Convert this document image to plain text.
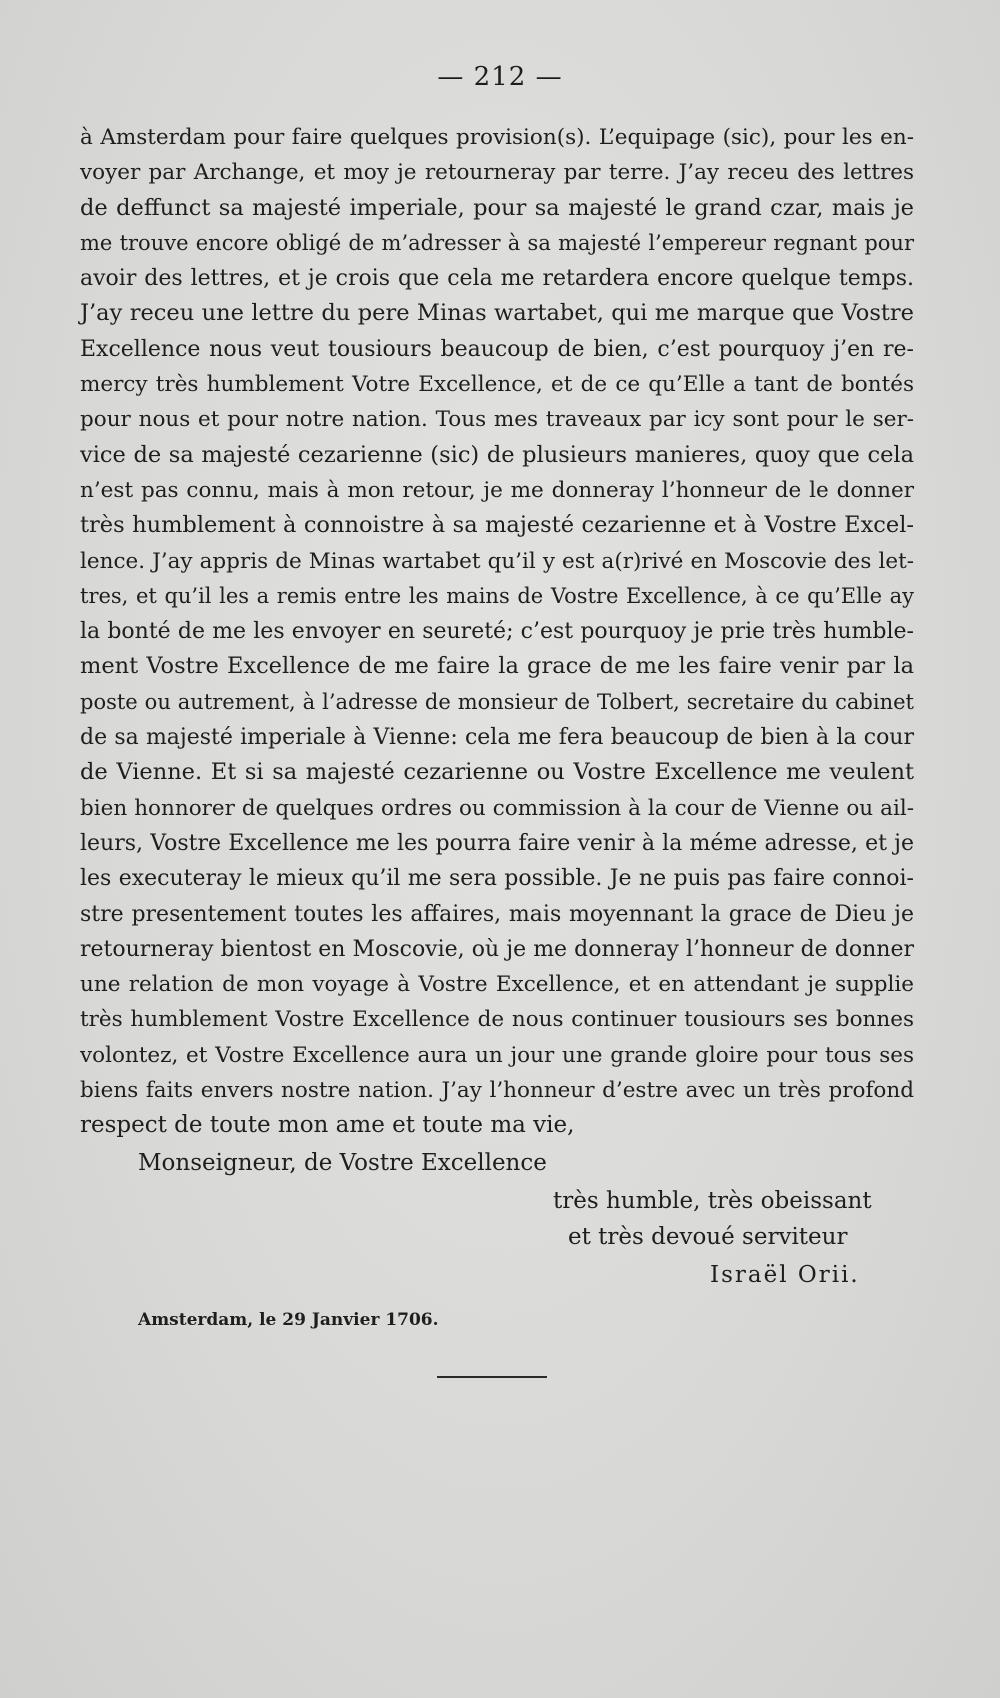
— 212 —
à Amsterdam pour faire quelques provision(s). L’equipage (sic), pour les en-
voyer par Archange, et moy je retourneray par terre. J’ay receu des lettres
de deffunct sa majesté imperiale, pour sa majesté le grand czar, mais je
me trouve encore obligé de m’adresser à sa majesté l’empereur regnant pour
avoir des lettres, et je crois que cela me retardera encore quelque temps.
J’ay receu une lettre du pere Minas wartabet, qui me marque que Vostre
Excellence nous veut tousiours beaucoup de bien, c’est pourquoy j’en re-
mercy très humblement Votre Excellence, et de ce qu’Elle a tant de bontés
pour nous et pour notre nation. Tous mes traveaux par icy sont pour le ser-
vice de sa majesté cezarienne (sic) de plusieurs manieres, quoy que cela
n’est pas connu, mais à mon retour, je me donneray l’honneur de le donner
très humblement à connoistre à sa majesté cezarienne et à Vostre Excel-
lence. J’ay appris de Minas wartabet qu’il y est a(r)rivé en Moscovie des let-
tres, et qu’il les a remis entre les mains de Vostre Excellence, à ce qu’Elle ay
la bonté de me les envoyer en seureté; c’est pourquoy je prie très humble-
ment Vostre Excellence de me faire la grace de me les faire venir par la
poste ou autrement, à l’adresse de monsieur de Tolbert, secretaire du cabinet
de sa majesté imperiale à Vienne: cela me fera beaucoup de bien à la cour
de Vienne. Et si sa majesté cezarienne ou Vostre Excellence me veulent
bien honnorer de quelques ordres ou commission à la cour de Vienne ou ail-
leurs, Vostre Excellence me les pourra faire venir à la méme adresse, et je
les executeray le mieux qu’il me sera possible. Je ne puis pas faire connoi-
stre presentement toutes les affaires, mais moyennant la grace de Dieu je
retourneray bientost en Moscovie, où je me donneray l’honneur de donner
une relation de mon voyage à Vostre Excellence, et en attendant je supplie
très humblement Vostre Excellence de nous continuer tousiours ses bonnes
volontez, et Vostre Excellence aura un jour une grande gloire pour tous ses
biens faits envers nostre nation. J’ay l’honneur d’estre avec un très profond
respect de toute mon ame et toute ma vie,
Monseigneur, de Vostre Excellence
très humble, très obeissant
et très devoué serviteur
Israël Orii.
Amsterdam, le 29 Janvier 1706.
